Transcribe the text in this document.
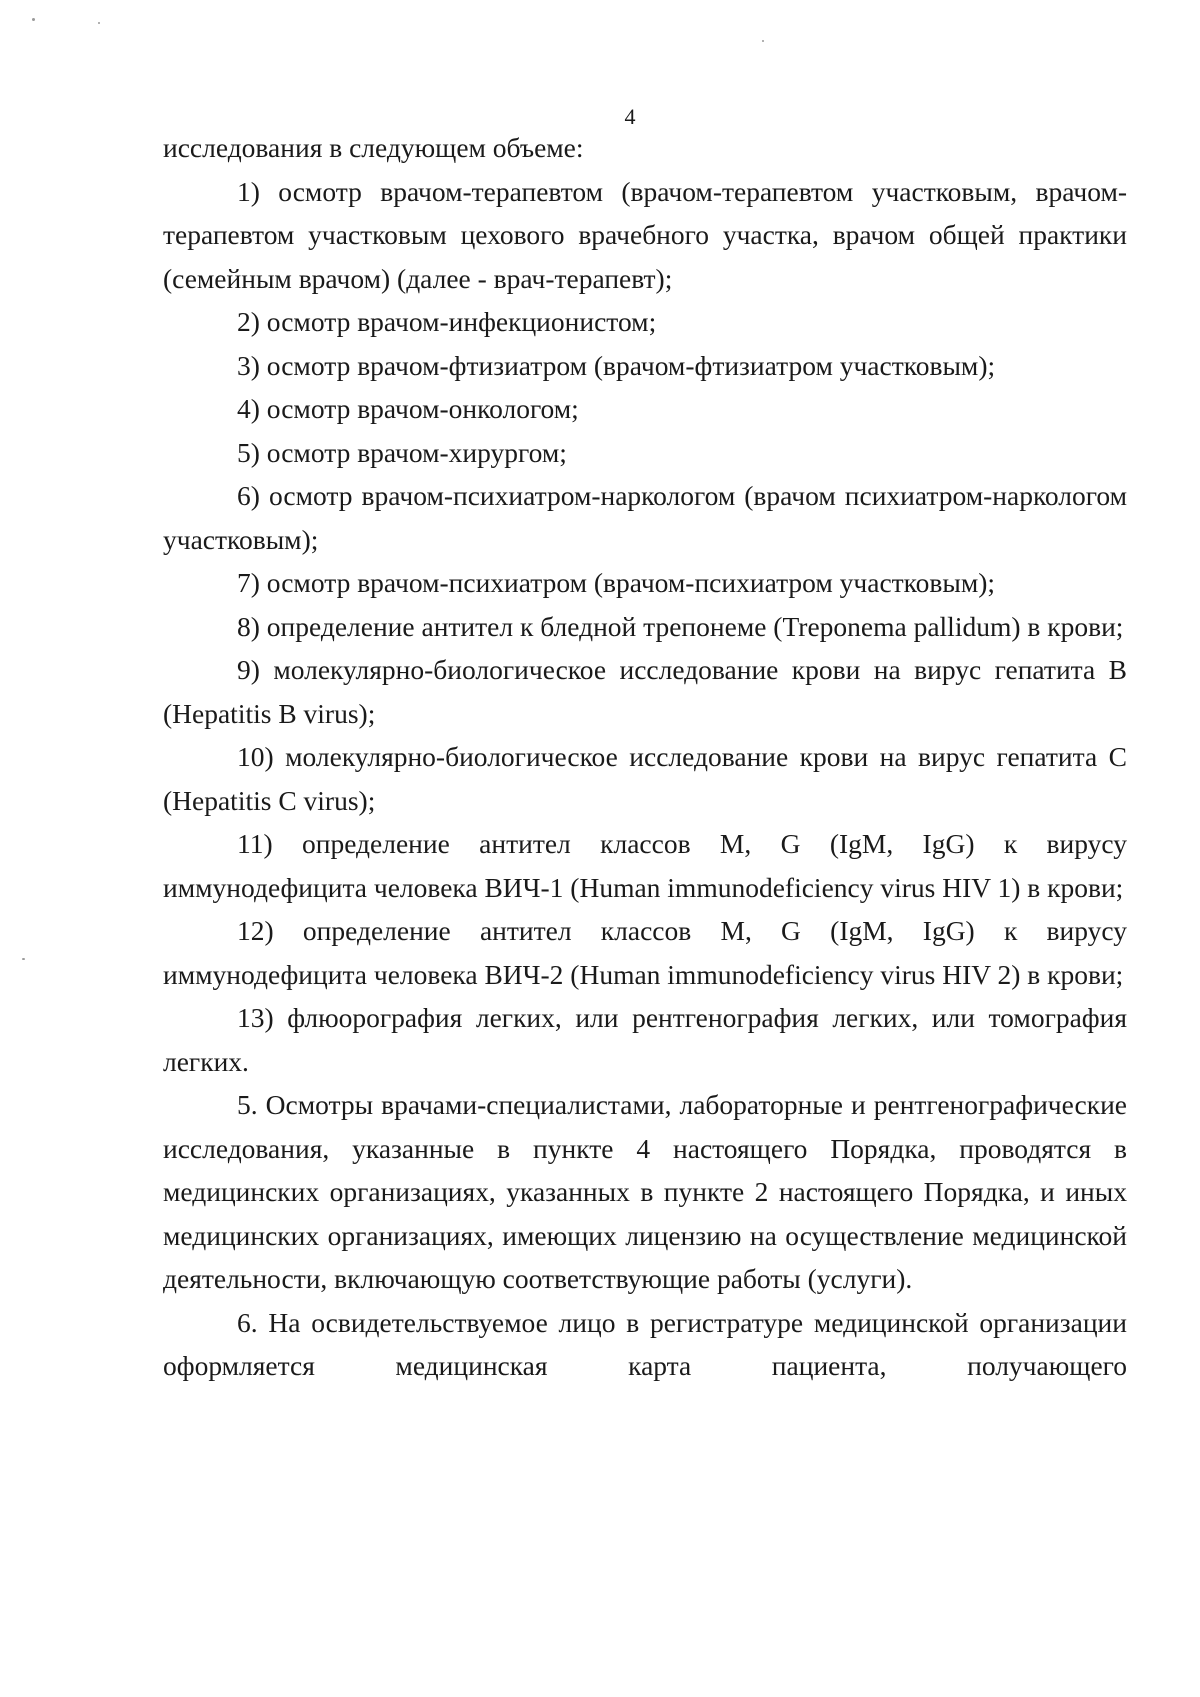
4

исследования в следующем объеме:

1) осмотр врачом-терапевтом (врачом-терапевтом участковым, врачом-терапевтом участковым цехового врачебного участка, врачом общей практики (семейным врачом) (далее - врач-терапевт);

2) осмотр врачом-инфекционистом;

3) осмотр врачом-фтизиатром (врачом-фтизиатром участковым);

4) осмотр врачом-онкологом;

5) осмотр врачом-хирургом;

6) осмотр врачом-психиатром-наркологом (врачом психиатром-наркологом участковым);

7) осмотр врачом-психиатром (врачом-психиатром участковым);

8) определение антител к бледной трепонеме (Treponema pallidum) в крови;

9) молекулярно-биологическое исследование крови на вирус гепатита В (Hepatitis B virus);

10) молекулярно-биологическое исследование крови на вирус гепатита С (Hepatitis C virus);

11) определение антител классов M, G (IgM, IgG) к вирусу иммунодефицита человека ВИЧ-1 (Human immunodeficiency virus HIV 1) в крови;

12) определение антител классов M, G (IgM, IgG) к вирусу иммунодефицита человека ВИЧ-2 (Human immunodeficiency virus HIV 2) в крови;

13) флюорография легких, или рентгенография легких, или томография легких.

5. Осмотры врачами-специалистами, лабораторные и рентгенографические исследования, указанные в пункте 4 настоящего Порядка, проводятся в медицинских организациях, указанных в пункте 2 настоящего Порядка, и иных медицинских организациях, имеющих лицензию на осуществление медицинской деятельности, включающую соответствующие работы (услуги).

6. На освидетельствуемое лицо в регистратуре медицинской организации оформляется медицинская карта пациента, получающего
